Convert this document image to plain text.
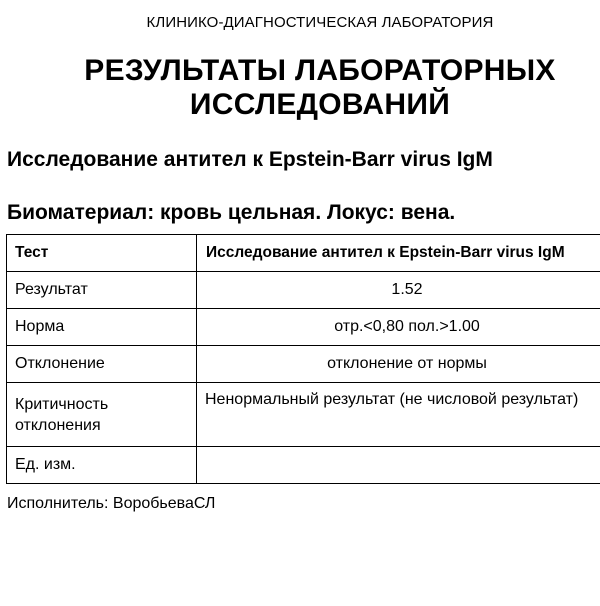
КЛИНИКО-ДИАГНОСТИЧЕСКАЯ ЛАБОРАТОРИЯ
РЕЗУЛЬТАТЫ ЛАБОРАТОРНЫХ
ИССЛЕДОВАНИЙ
Исследование антител к Epstein-Barr virus IgM
Биоматериал: кровь цельная. Локус: вена.
Тест	Исследование антител к Epstein-Barr virus IgM
Результат	1.52
Норма	отр.<0,80 пол.>1.00
Отклонение	отклонение от нормы
Критичность отклонения	Ненормальный результат (не числовой результат)
Ед. изм.	
Исполнитель: ВоробьеваСЛ
